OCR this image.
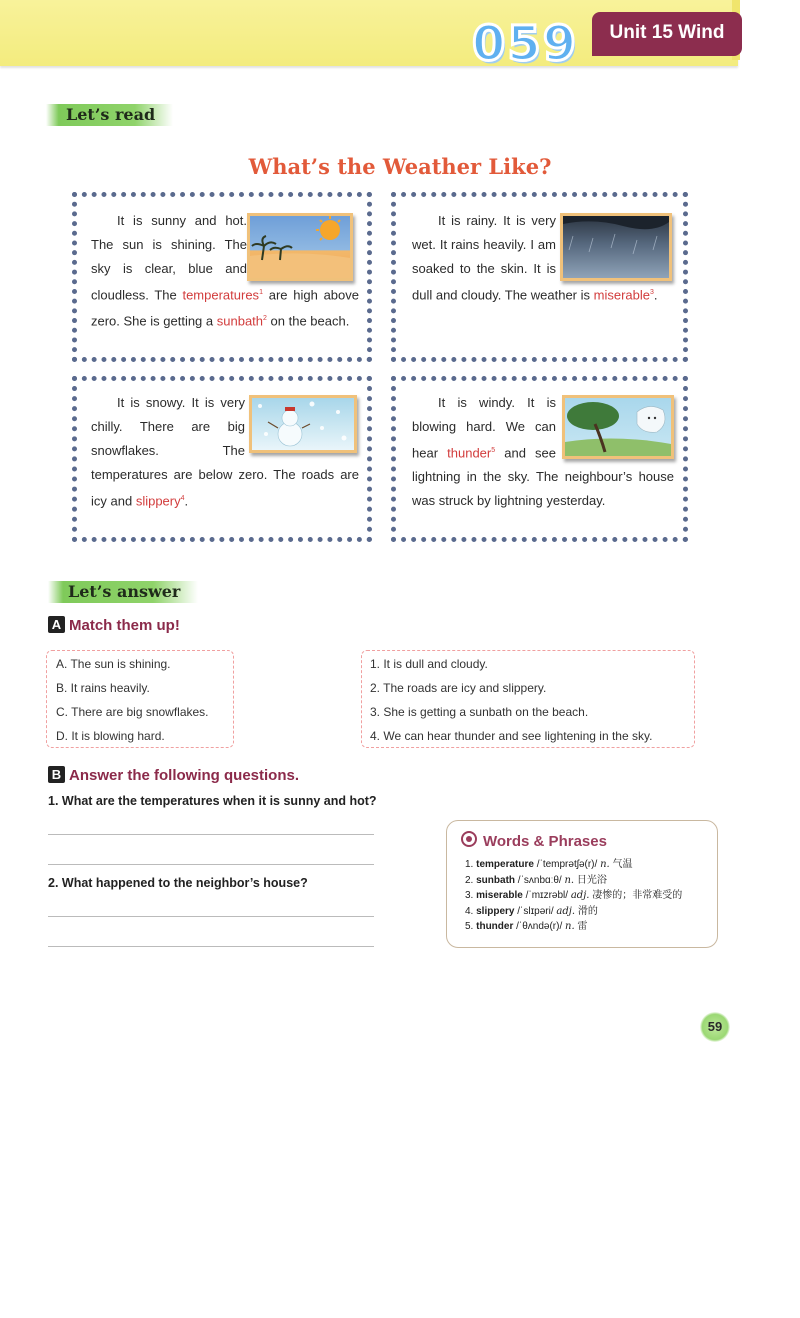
059	Unit 15 Wind
Let’s read
What’s the Weather Like?
It is sunny and hot. The sun is shining. The sky is clear, blue and cloudless. The temperatures$^1$ are high above zero. She is getting a sunbath$^2$ on the beach.
It is rainy. It is very wet. It rains heavily. I am soaked to the skin. It is dull and cloudy. The weather is miserable$^3$.
It is snowy. It is very chilly. There are big snowflakes. The temperatures are below zero. The roads are icy and slippery$^4$.
It is windy. It is blowing hard. We can hear thunder$^5$ and see lightning in the sky. The neighbour’s house was struck by lightning yesterday.
Let’s answer
A Match them up!
A. The sun is shining.
B. It rains heavily.
C. There are big snowflakes.
D. It is blowing hard.
1. It is dull and cloudy.
2. The roads are icy and slippery.
3. She is getting a sunbath on the beach.
4. We can hear thunder and see lightening in the sky.
B Answer the following questions.
1. What are the temperatures when it is sunny and hot?
2. What happened to the neighbor’s house?
Words & Phrases
1. temperature /ˈtemprətʃə(r)/ n. 气温
2. sunbath /ˈsʌnbɑːθ/ n. 日光浴
3. miserable /ˈmɪzrəbl/ adj. 凄惨的；非常难受的
4. slippery /ˈslɪpəri/ adj. 滑的
5. thunder /ˈθʌndə(r)/ n. 雷
59
